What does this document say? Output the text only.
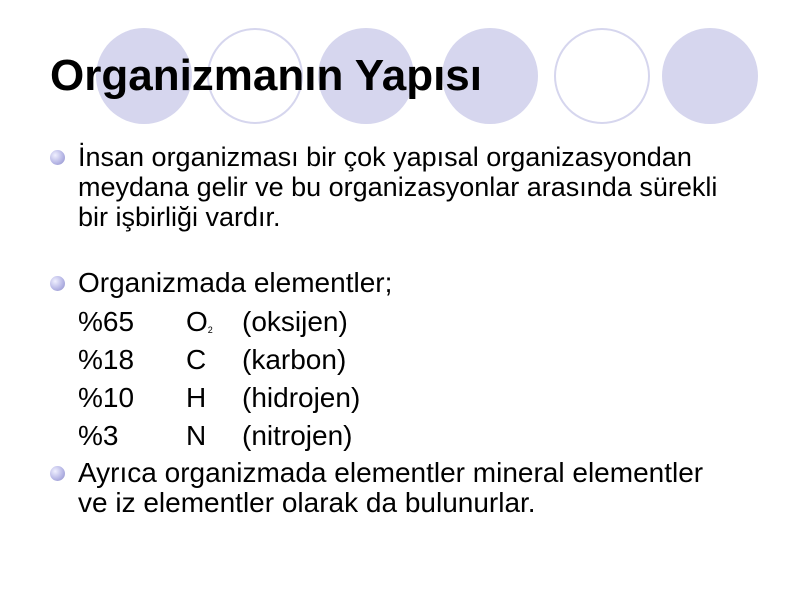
Organizmanın Yapısı
İnsan organizması bir çok yapısal organizasyondan meydana gelir ve bu organizasyonlar arasında sürekli bir işbirliği vardır.
Organizmada elementler;
%65 $O_2$ (oksijen)
%18 C (karbon)
%10 H (hidrojen)
%3 N (nitrojen)
Ayrıca organizmada elementler mineral elementler ve iz elementler olarak da bulunurlar.
